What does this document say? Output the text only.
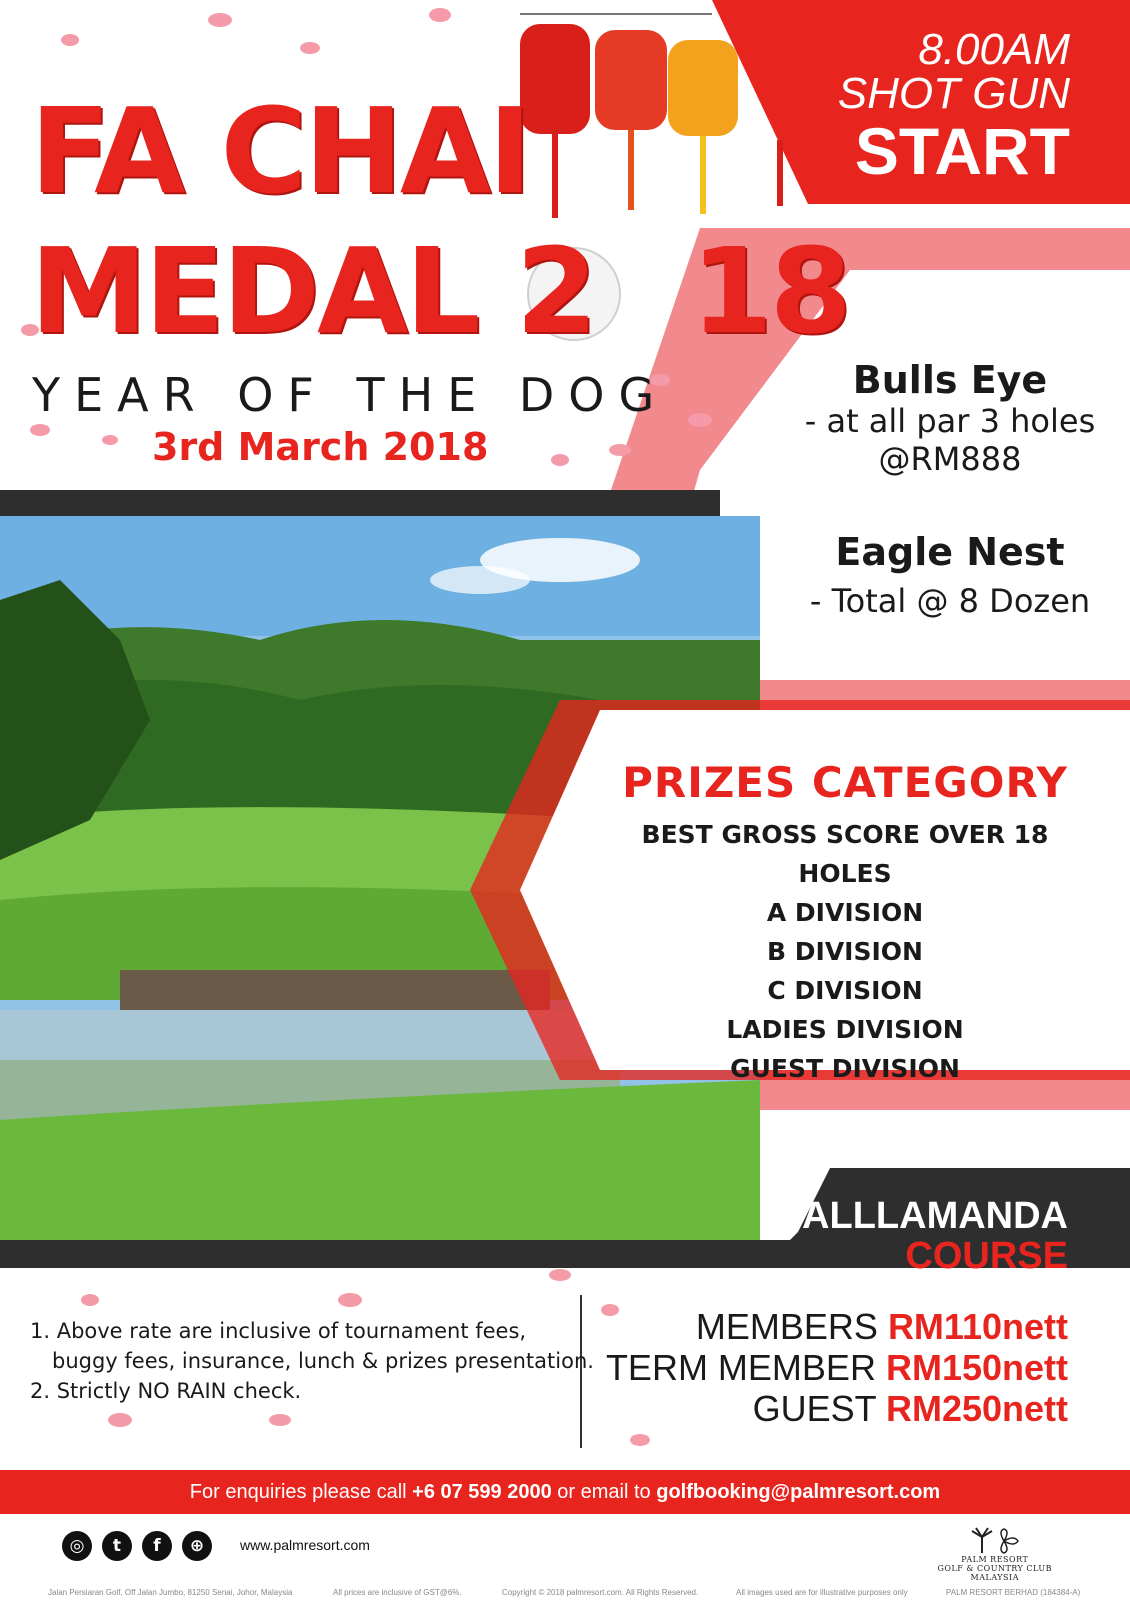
FA CHAI
MEDAL 2 18
YEAR OF THE DOG
3rd March 2018
8.00AM
SHOT GUN
START
Bulls Eye
- at all par 3 holes
@RM888
Eagle Nest
- Total @ 8 Dozen
PRIZES CATEGORY
BEST GROSS SCORE OVER 18 HOLES
A DIVISION
B DIVISION
C DIVISION
LADIES DIVISION
GUEST DIVISION
ALLLAMANDA
COURSE
1. Above rate are inclusive of tournament fees,
buggy fees, insurance, lunch & prizes presentation.
2. Strictly NO RAIN check.
MEMBERS RM110nett
TERM MEMBER RM150nett
GUEST RM250nett
For enquiries please call +6 07 599 2000 or email to golfbooking@palmresort.com
◎	t	f	⊕	www.palmresort.com
PALM RESORT
GOLF & COUNTRY CLUB
MALAYSIA
Jalan Persiaran Golf, Off Jalan Jumbo, 81250 Senai, Johor, Malaysia	All prices are inclusive of GST@6%.	Copyright © 2018 palmresort.com. All Rights Reserved.	All images used are for illustrative purposes only	PALM RESORT BERHAD (184384-A)
